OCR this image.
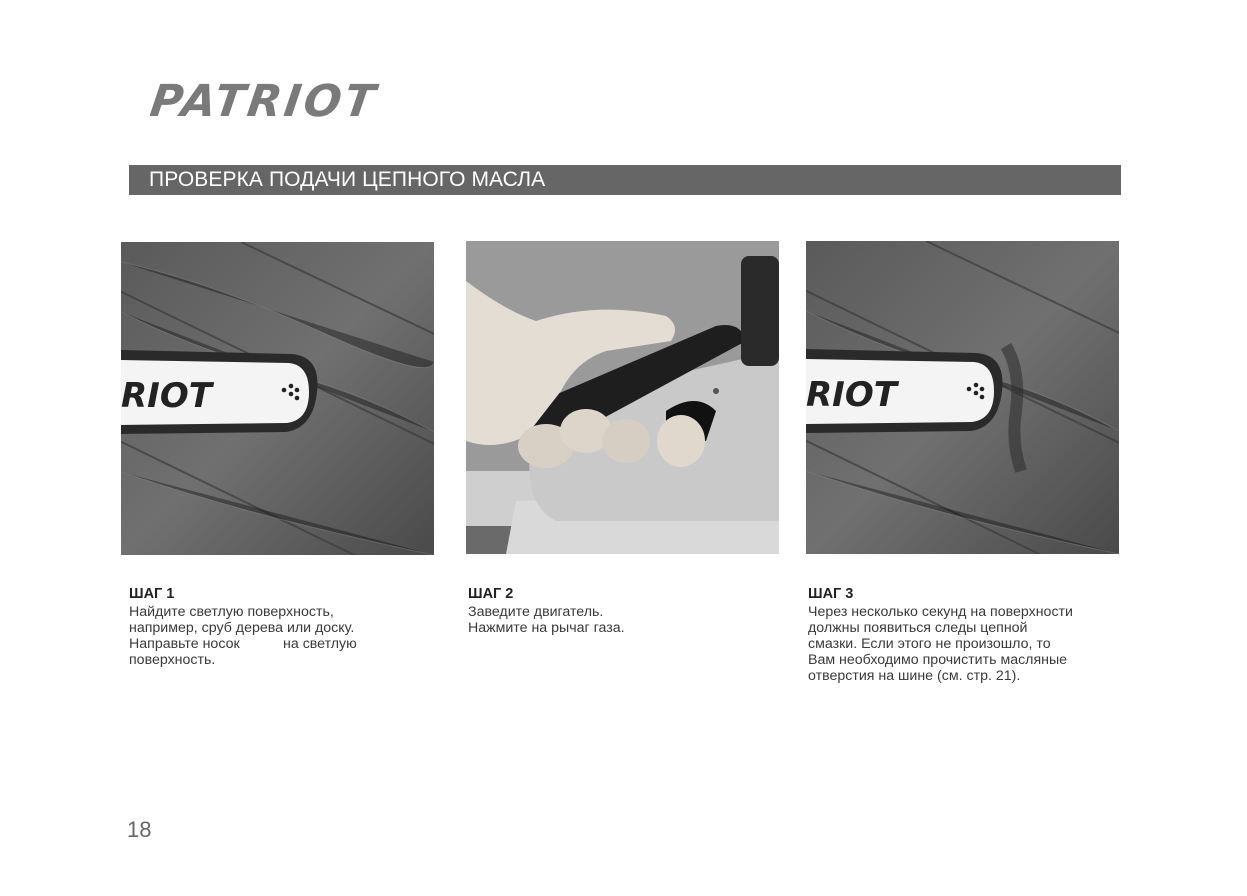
PATRIOT
ПРОВЕРКА ПОДАЧИ ЦЕПНОГО МАСЛА
RIOT	RIOT
ШАГ 1
Найдите светлую поверхность,
например, сруб дерева или доску.
Направьте носок           на светлую
поверхность.
ШАГ 2
Заведите двигатель.
Нажмите на рычаг газа.
ШАГ 3
Через несколько секунд на поверхности
должны появиться следы цепной
смазки. Если этого не произошло, то
Вам необходимо прочистить масляные
отверстия на шине (см. стр. 21).
18
